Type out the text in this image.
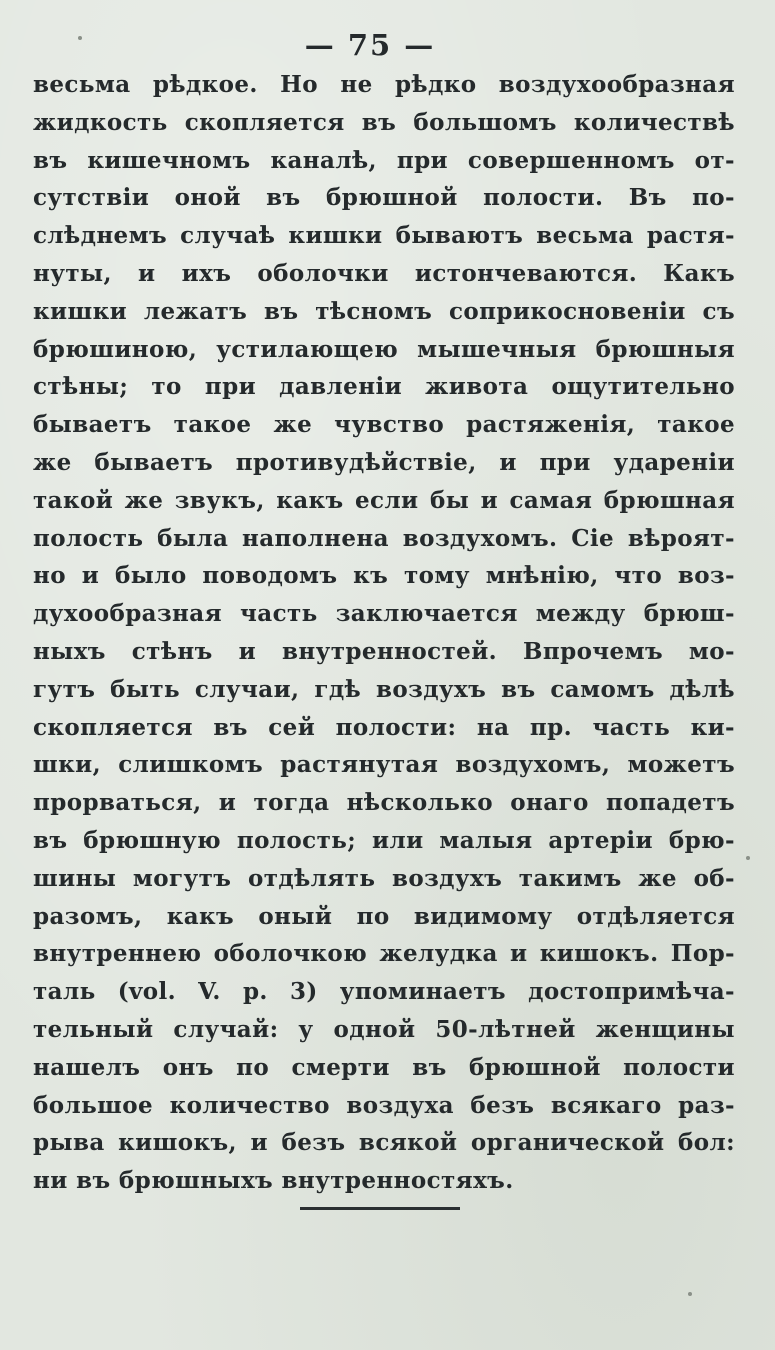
— 75 —
весьма рѣдкое. Но не рѣдко воздухообразная
жидкость скопляется въ большомъ количествѣ
въ кишечномъ каналѣ, при совершенномъ от-
сутствіи оной въ брюшной полости. Въ по-
слѣднемъ случаѣ кишки бываютъ весьма растя-
нуты, и ихъ оболочки истончеваются. Какъ
кишки лежатъ въ тѣсномъ соприкосновеніи съ
брюшиною, устилающею мышечныя брюшныя
стѣны; то при давленіи живота ощутительно
бываетъ такое же чувство растяженія, такое
же бываетъ противудѣйствіе, и при удареніи
такой же звукъ, какъ если бы и самая брюшная
полость была наполнена воздухомъ. Сіе вѣроят-
но и было поводомъ къ тому мнѣнію, что воз-
духообразная часть заключается между брюш-
ныхъ стѣнъ и внутренностей. Впрочемъ мо-
гутъ быть случаи, гдѣ воздухъ въ самомъ дѣлѣ
скопляется въ сей полости: на пр. часть ки-
шки, слишкомъ растянутая воздухомъ, можетъ
прорваться, и тогда нѣсколько онаго попадетъ
въ брюшную полость; или малыя артеріи брю-
шины могутъ отдѣлять воздухъ такимъ же об-
разомъ, какъ оный по видимому отдѣляется
внутреннею оболочкою желудка и кишокъ. Пор-
таль (vol. V. p. 3) упоминаетъ достопримѣча-
тельный случай: у одной 50-лѣтней женщины
нашелъ онъ по смерти въ брюшной полости
большое количество воздуха безъ всякаго раз-
рыва кишокъ, и безъ всякой органической бол:
ни въ брюшныхъ внутренностяхъ.
